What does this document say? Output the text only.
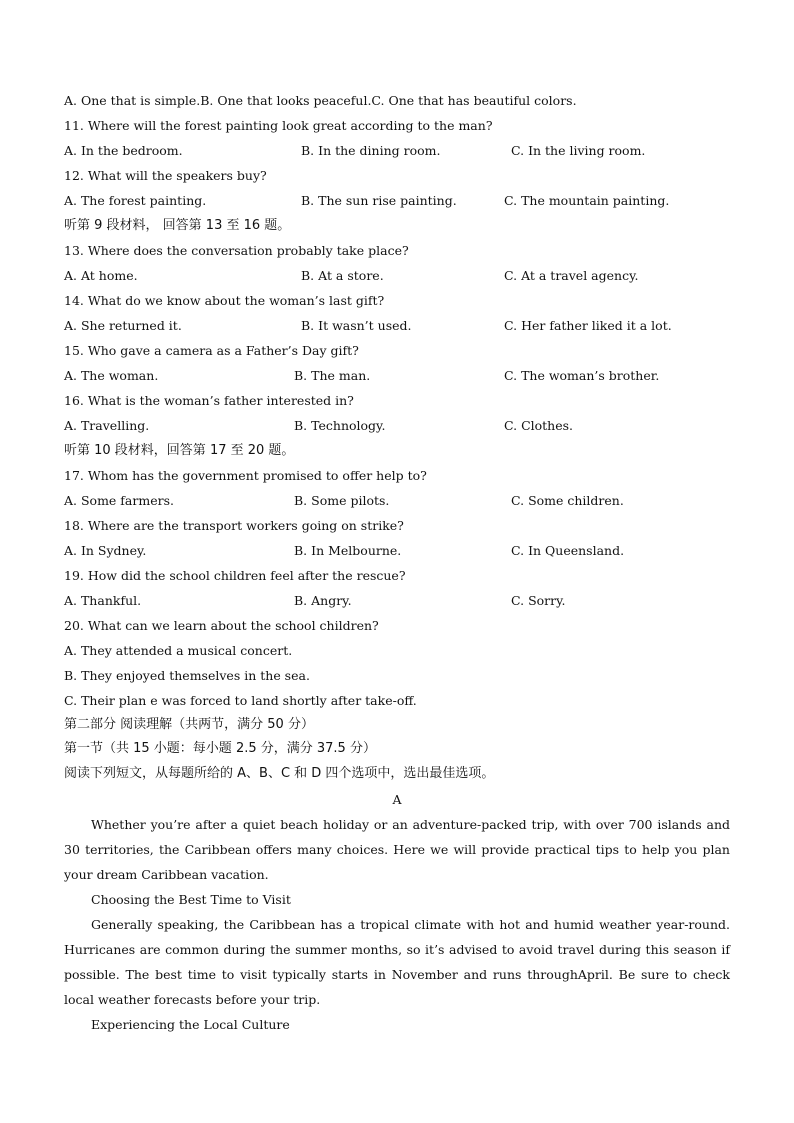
A. One that is simple.B. One that looks peaceful.C. One that has beautiful colors.
11. Where will the forest painting look great according to the man?
A. In the bedroom.	B. In the dining room.	C. In the living room.
12. What will the speakers buy?
A. The forest painting.	B. The sun rise painting.	C. The mountain painting.
听第 9 段材料， 回答第 13 至 16 题。
13. Where does the conversation probably take place?
A. At home.	B. At a store.	C. At a travel agency.
14. What do we know about the woman’s last gift?
A. She returned it.	B. It wasn’t used.	C. Her father liked it a lot.
15. Who gave a camera as a Father’s Day gift?
A. The woman.	B. The man.	C. The woman’s brother.
16. What is the woman’s father interested in?
A. Travelling.	B. Technology.	C. Clothes.
听第 10 段材料，回答第 17 至 20 题。
17. Whom has the government promised to offer help to?
A. Some farmers.	B. Some pilots.	C. Some children.
18. Where are the transport workers going on strike?
A. In Sydney.	B. In Melbourne.	C. In Queensland.
19. How did the school children feel after the rescue?
A. Thankful.	B. Angry.	C. Sorry.
20. What can we learn about the school children?
A. They attended a musical concert.
B. They enjoyed themselves in the sea.
C. Their plan e was forced to land shortly after take-off.
第二部分 阅读理解（共两节，满分 50 分）
第一节（共 15 小题：每小题 2.5 分，满分 37.5 分）
阅读下列短文，从每题所给的 A、B、C 和 D 四个选项中，选出最佳选项。
A
Whether you’re after a quiet beach holiday or an adventure-packed trip, with over 700 islands and 30 territories, the Caribbean offers many choices. Here we will provide practical tips to help you plan your dream Caribbean vacation.
Choosing the Best Time to Visit
Generally speaking, the Caribbean has a tropical climate with hot and humid weather year-round. Hurricanes are common during the summer months, so it’s advised to avoid travel during this season if possible. The best time to visit typically starts in November and runs throughApril. Be sure to check local weather forecasts before your trip.
Experiencing the Local Culture
